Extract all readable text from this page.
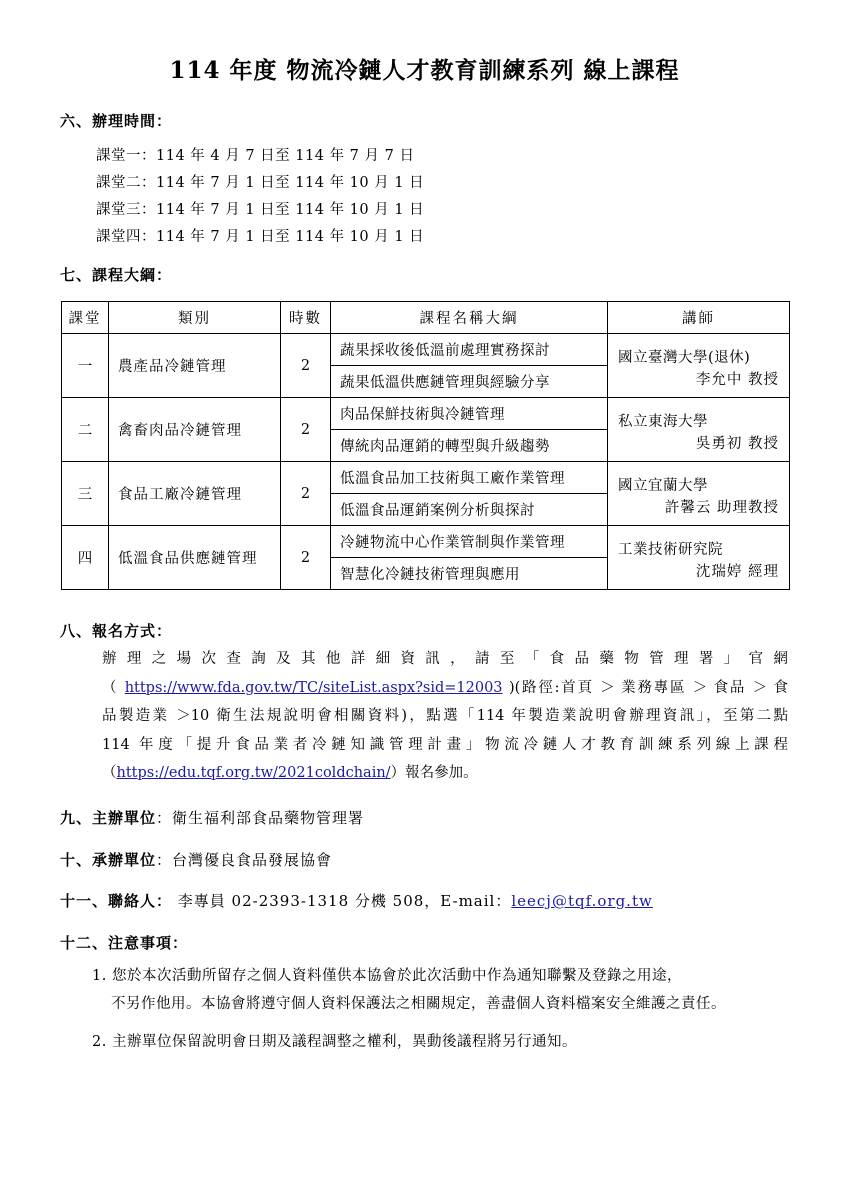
114 年度 物流冷鏈人才教育訓練系列 線上課程
六、辦理時間：
課堂一：114 年 4 月 7 日至 114 年 7 月 7 日
課堂二：114 年 7 月 1 日至 114 年 10 月 1 日
課堂三：114 年 7 月 1 日至 114 年 10 月 1 日
課堂四：114 年 7 月 1 日至 114 年 10 月 1 日
七、課程大綱：
課堂	類別	時數	課程名稱大綱	講師
一	農產品冷鏈管理	2	蔬果採收後低溫前處理實務探討	國立臺灣大學(退休)
李允中 教授

			蔬果低溫供應鏈管理與經驗分享	
二	禽畜肉品冷鏈管理	2	肉品保鮮技術與冷鏈管理	私立東海大學
吳勇初 教授

			傳統肉品運銷的轉型與升級趨勢	
三	食品工廠冷鏈管理	2	低溫食品加工技術與工廠作業管理	國立宜蘭大學
許馨云 助理教授

			低溫食品運銷案例分析與探討	
四	低溫食品供應鏈管理	2	冷鏈物流中心作業管制與作業管理	工業技術研究院
沈瑞婷 經理

			智慧化冷鏈技術管理與應用	
八、報名方式：
辦 理 之 場 次 查 詢 及 其 他 詳 細 資 訊 ， 請 至 「 食 品 藥 物 管 理 署 」 官 網
（ https://www.fda.gov.tw/TC/siteList.aspx?sid=12003 )(路徑:首頁 ＞ 業務專區 ＞ 食品 ＞ 食
品製造業 ＞10 衛生法規說明會相關資料)，點選「114 年製造業說明會辦理資訊」，至第二點
114 年度「提升食品業者冷鏈知識管理計畫」物流冷鏈人才教育訓練系列線上課程
（https://edu.tqf.org.tw/2021coldchain/）報名參加。
九、主辦單位：衛生福利部食品藥物管理署
十、承辦單位：台灣優良食品發展協會
十一、聯絡人： 李專員 02-2393-1318 分機 508，E-mail：leecj@tqf.org.tw
十二、注意事項：
1. 您於本次活動所留存之個人資料僅供本協會於此次活動中作為通知聯繫及登錄之用途，
不另作他用。本協會將遵守個人資料保護法之相關規定，善盡個人資料檔案安全維護之責任。
2. 主辦單位保留說明會日期及議程調整之權利，異動後議程將另行通知。
